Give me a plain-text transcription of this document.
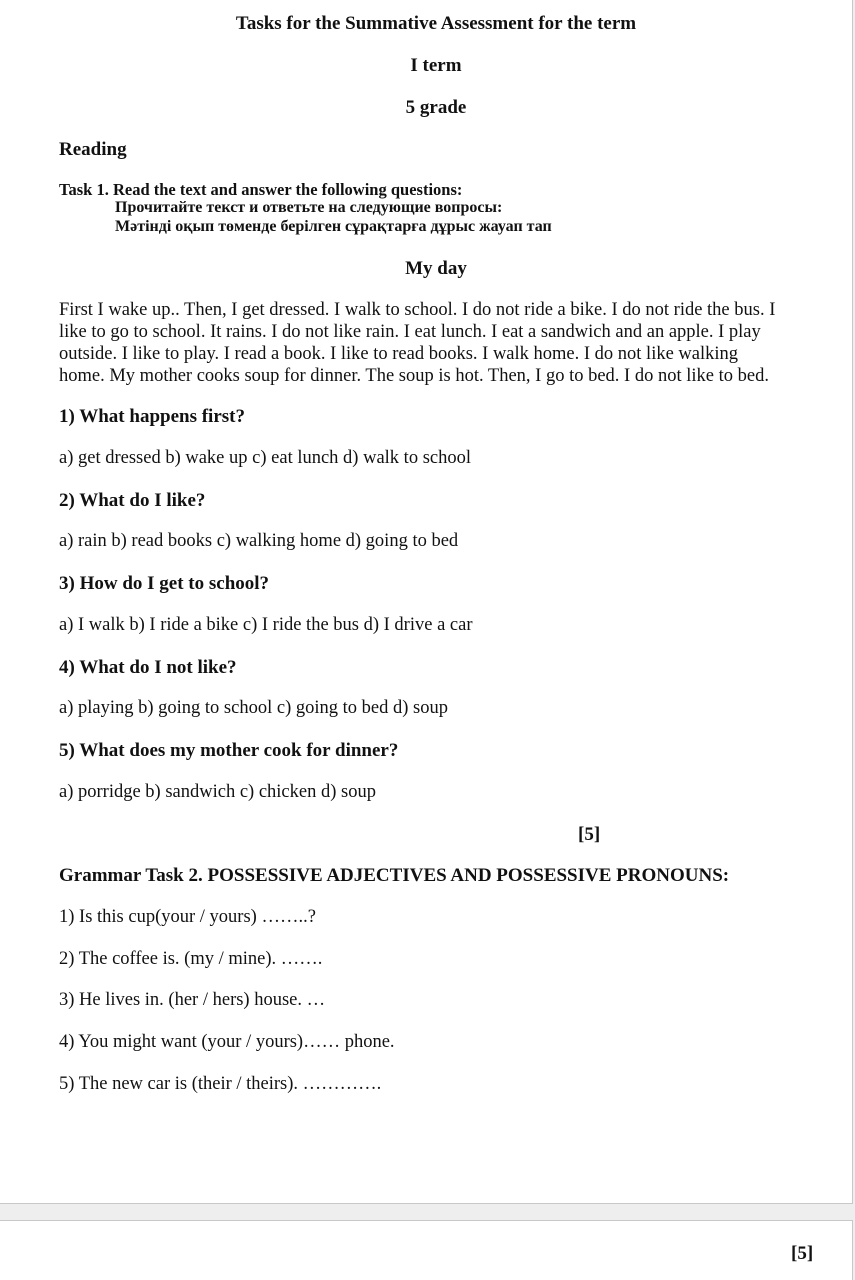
Tasks for the Summative Assessment for the term
I term
5 grade
Reading
Task 1. Read the text and answer the following questions:
Прочитайте текст и ответьте на следующие вопросы:
Мәтінді оқып төменде берілген сұрақтарға дұрыс жауап тап
My day
First I wake up.. Then, I get dressed. I walk to school. I do not ride a bike. I do not ride the bus. I
like to go to school. It rains. I do not like rain. I eat lunch. I eat a sandwich and an apple. I play
outside. I like to play. I read a book. I like to read books. I walk home. I do not like walking
home. My mother cooks soup for dinner. The soup is hot. Then, I go to bed. I do not like to bed.
1) What happens first?
a) get dressed b) wake up c) eat lunch d) walk to school
2) What do I like?
a) rain b) read books c) walking home d) going to bed
3) How do I get to school?
a) I walk b) I ride a bike c) I ride the bus d) I drive a car
4) What do I not like?
a) playing b) going to school c) going to bed d) soup
5) What does my mother cook for dinner?
a) porridge b) sandwich c) chicken d) soup
[5]
Grammar Task 2. POSSESSIVE ADJECTIVES AND POSSESSIVE PRONOUNS:
1) Is this cup(your / yours) ……..?
2) The coffee is. (my / mine). …….
3) He lives in. (her / hers) house. …
4) You might want (your / yours)…… phone.
5) The new car is (their / theirs). ………….
[5]
